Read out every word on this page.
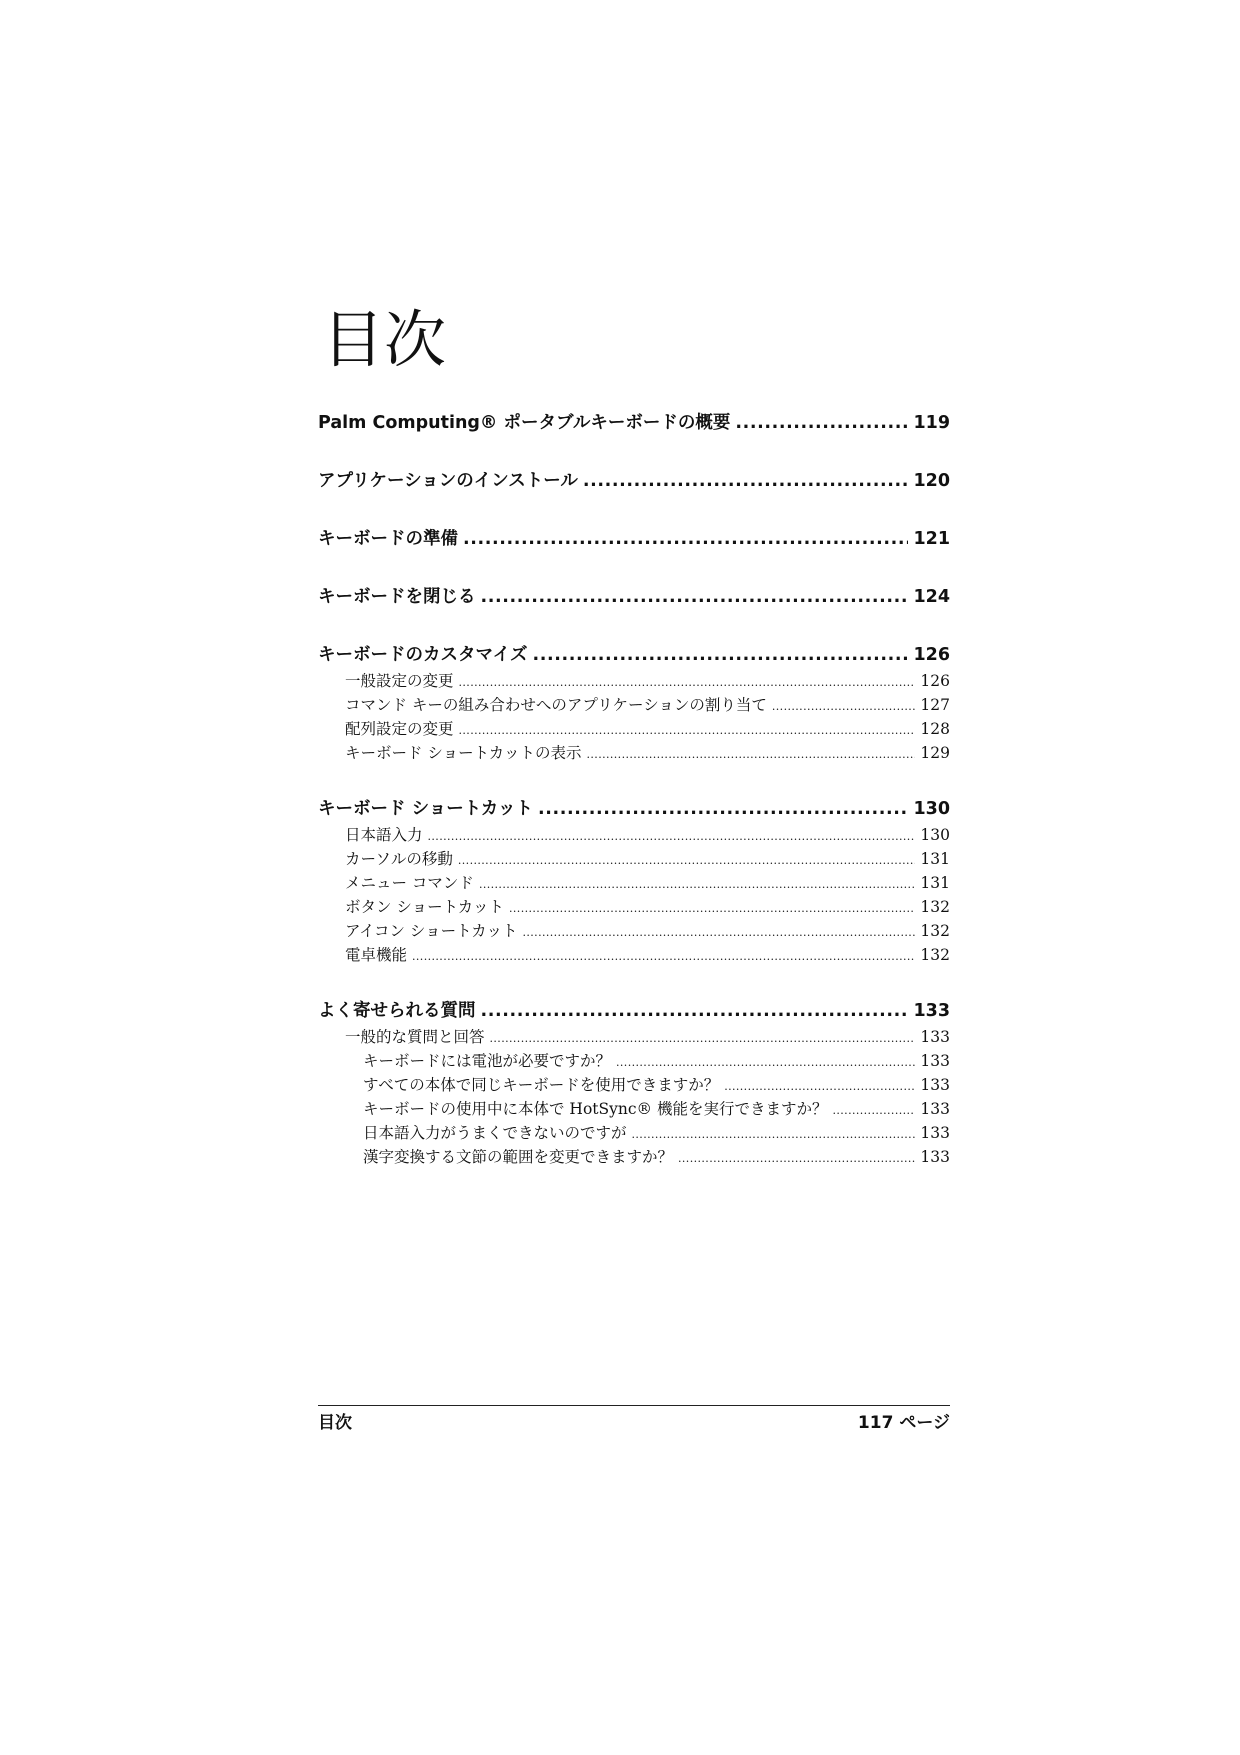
目次
Palm Computing® ポータブルキーボードの概要 .....	119
アプリケーションのインストール .....	120
キーボードの準備 .....	121
キーボードを閉じる .....	124
キーボードのカスタマイズ .....	126
一般設定の変更 .....	126
コマンド キーの組み合わせへのアプリケーションの割り当て .....	127
配列設定の変更 .....	128
キーボード ショートカットの表示 .....	129
キーボード ショートカット .....	130
日本語入力 .....	130
カーソルの移動 .....	131
メニュー コマンド .....	131
ボタン ショートカット .....	132
アイコン ショートカット .....	132
電卓機能 .....	132
よく寄せられる質問 .....	133
一般的な質問と回答 .....	133
キーボードには電池が必要ですか？ .....	133
すべての本体で同じキーボードを使用できますか？ .....	133
キーボードの使用中に本体で HotSync® 機能を実行できますか？ .....	133
日本語入力がうまくできないのですが .....	133
漢字変換する文節の範囲を変更できますか？ .....	133
目次	117 ページ
